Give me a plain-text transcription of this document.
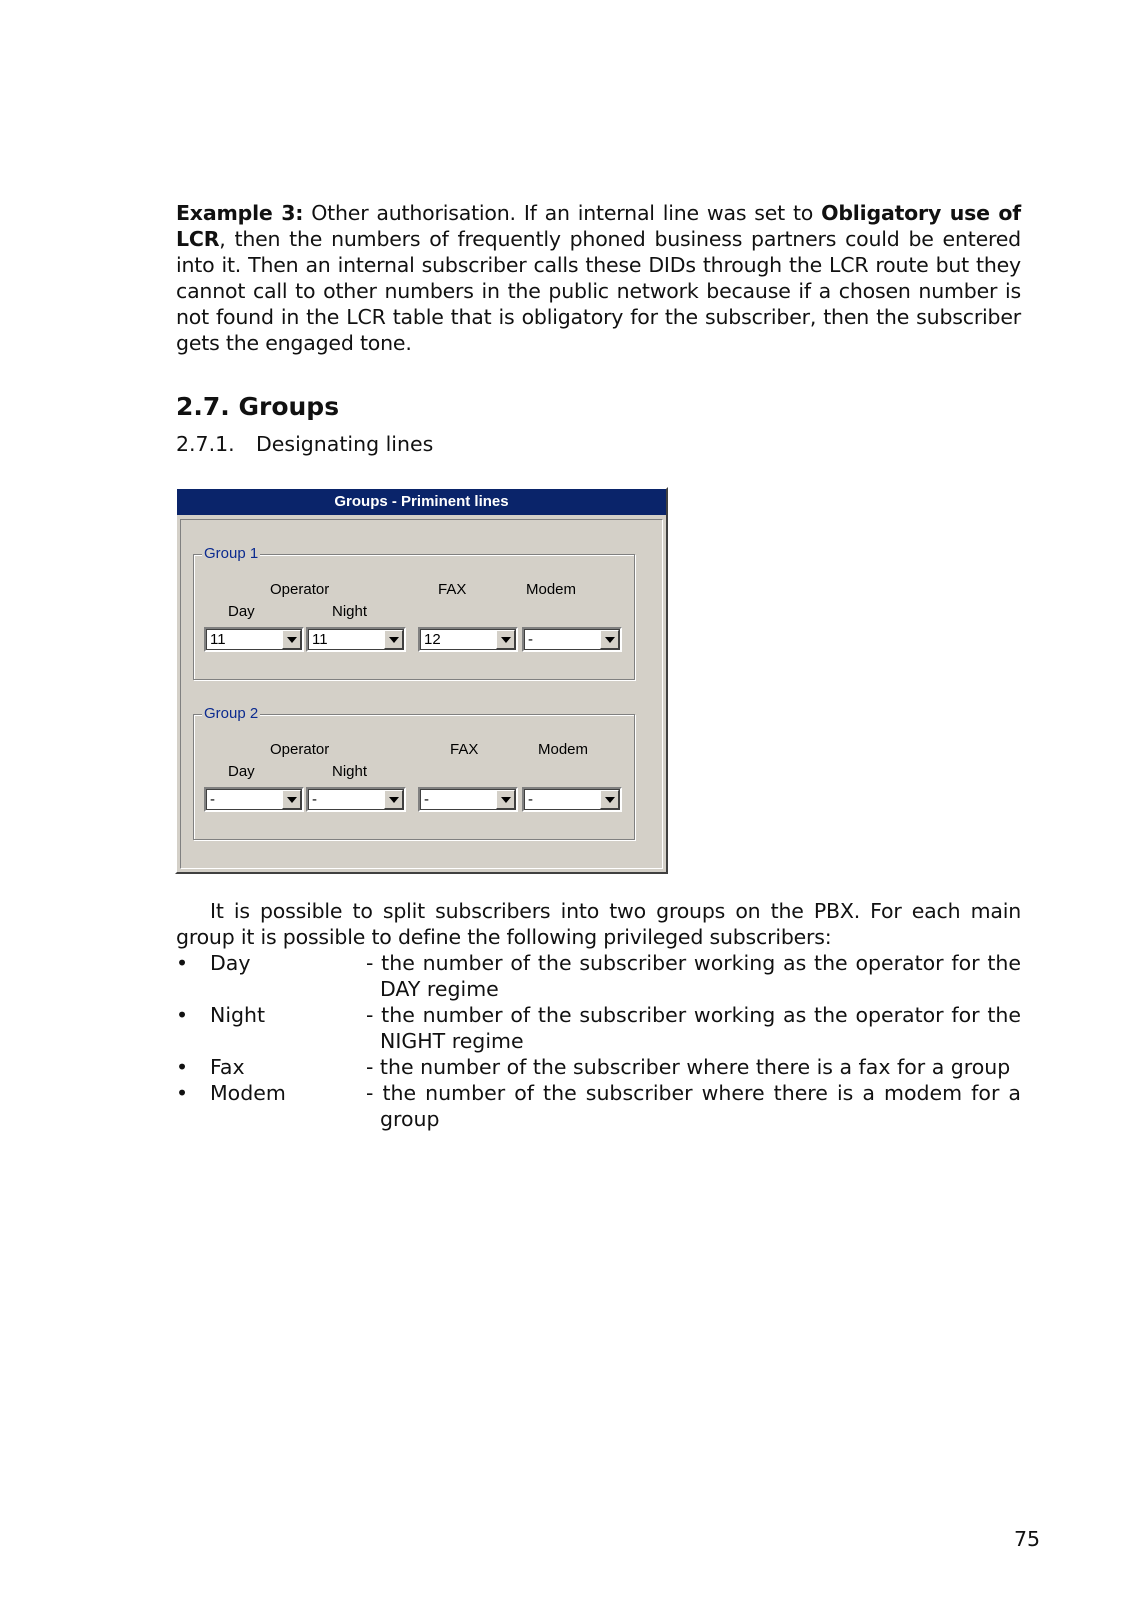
Example 3: Other authorisation. If an internal line was set to Obligatory use of LCR, then the numbers of frequently phoned business partners could be entered into it. Then an internal subscriber calls these DIDs through the LCR route but they cannot call to other numbers in the public network because if a chosen number is not found in the LCR table that is obligatory for the subscriber, then the subscriber gets the engaged tone.
2.7. Groups
2.7.1. Designating lines
Groups - Priminent lines
Group 1
Operator	FAX	Modem
Day	Night
11	11	12	-
Group 2
Operator	FAX	Modem
Day	Night
-	-	-	-
It is possible to split subscribers into two groups on the PBX. For each main group it is possible to define the following privileged subscribers:
• Day	- the number of the subscriber working as the operator for the DAY regime
• Night	- the number of the subscriber working as the operator for the NIGHT regime
• Fax	- the number of the subscriber where there is a fax for a group
• Modem	- the number of the subscriber where there is a modem for a group
75
